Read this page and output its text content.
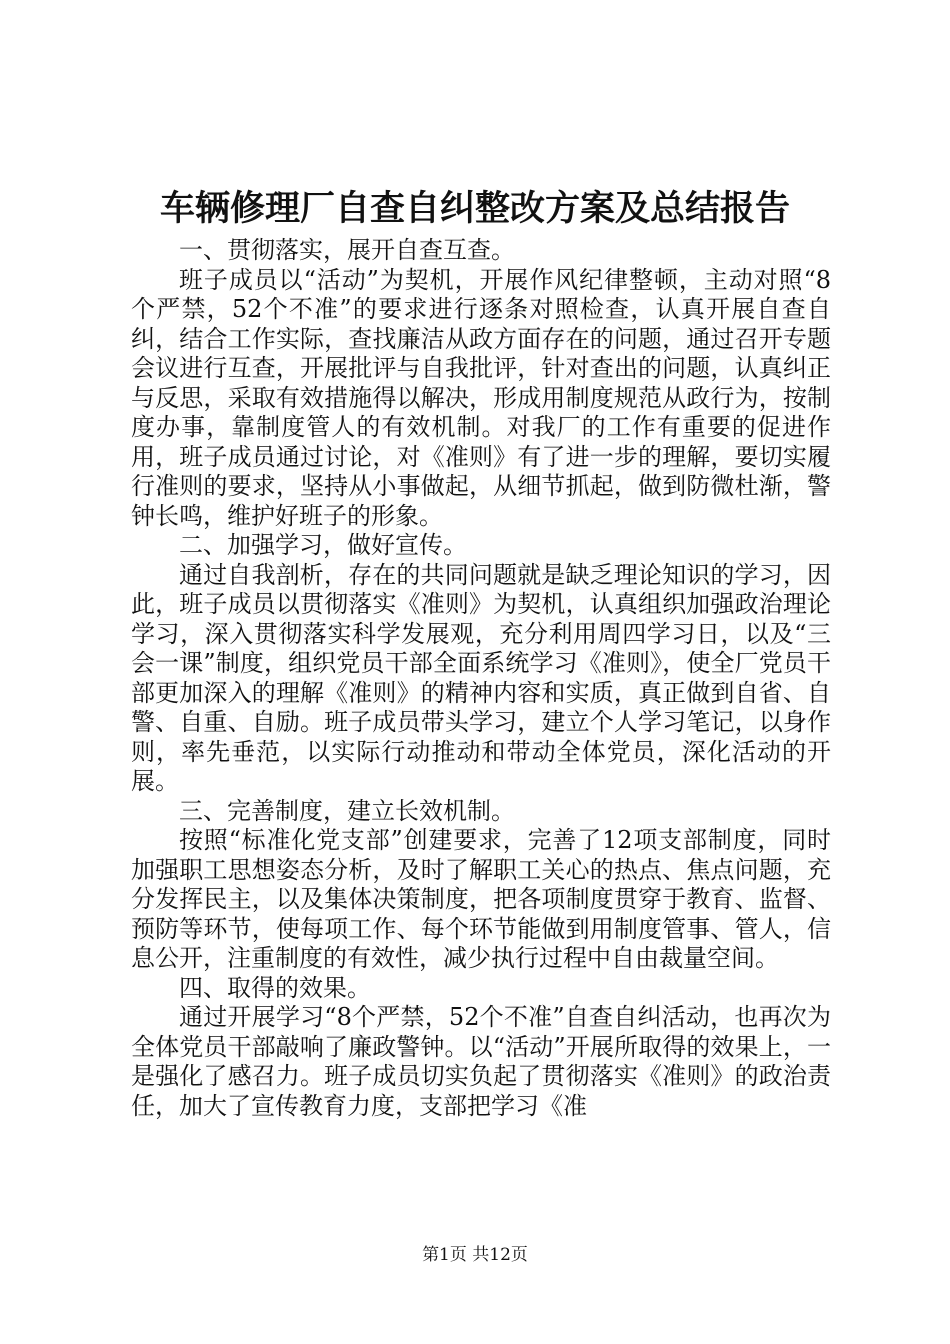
车辆修理厂自查自纠整改方案及总结报告

一、贯彻落实，展开自查互查。

班子成员以“活动”为契机，开展作风纪律整顿，主动对照“8个严禁，52个不准”的要求进行逐条对照检查，认真开展自查自纠，结合工作实际，查找廉洁从政方面存在的问题，通过召开专题会议进行互查，开展批评与自我批评，针对查出的问题，认真纠正与反思，采取有效措施得以解决，形成用制度规范从政行为，按制度办事，靠制度管人的有效机制。对我厂的工作有重要的促进作用，班子成员通过讨论，对《准则》有了进一步的理解，要切实履行准则的要求，坚持从小事做起，从细节抓起，做到防微杜渐，警钟长鸣，维护好班子的形象。

二、加强学习，做好宣传。

通过自我剖析，存在的共同问题就是缺乏理论知识的学习，因此，班子成员以贯彻落实《准则》为契机，认真组织加强政治理论学习，深入贯彻落实科学发展观，充分利用周四学习日，以及“三会一课”制度，组织党员干部全面系统学习《准则》，使全厂党员干部更加深入的理解《准则》的精神内容和实质，真正做到自省、自警、自重、自励。班子成员带头学习，建立个人学习笔记，以身作则，率先垂范，以实际行动推动和带动全体党员，深化活动的开展。

三、完善制度，建立长效机制。

按照“标准化党支部”创建要求，完善了12项支部制度，同时加强职工思想姿态分析，及时了解职工关心的热点、焦点问题，充分发挥民主，以及集体决策制度，把各项制度贯穿于教育、监督、预防等环节，使每项工作、每个环节能做到用制度管事、管人，信息公开，注重制度的有效性，减少执行过程中自由裁量空间。

四、取得的效果。

通过开展学习“8个严禁，52个不准”自查自纠活动，也再次为全体党员干部敲响了廉政警钟。以“活动”开展所取得的效果上，一是强化了感召力。班子成员切实负起了贯彻落实《准则》的政治责任，加大了宣传教育力度，支部把学习《准

第1页 共12页
